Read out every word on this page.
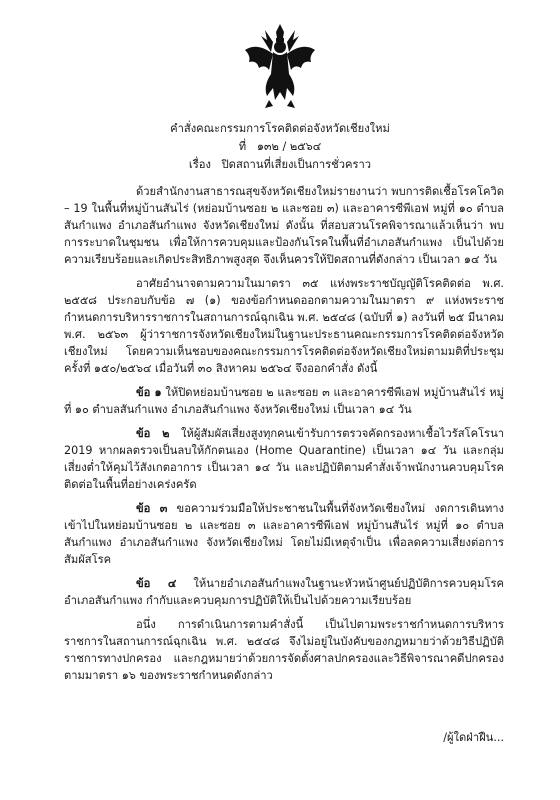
คำสั่งคณะกรรมการโรคติดต่อจังหวัดเชียงใหม่
ที่ ๑๓๒ / ๒๕๖๔
เรื่อง ปิดสถานที่เสี่ยงเป็นการชั่วคราว

ด้วยสำนักงานสาธารณสุขจังหวัดเชียงใหม่รายงานว่า พบการติดเชื้อโรคโควิด – 19 ในพื้นที่หมู่บ้านสันไร่ (หย่อมบ้านซอย ๒ และซอย ๓) และอาคารซีพีเอฟ หมู่ที่ ๑๐ ตำบลสันกำแพง อำเภอสันกำแพง จังหวัดเชียงใหม่ ดังนั้น ที่สอบสวนโรคพิจารณาแล้วเห็นว่า พบการระบาดในชุมชน เพื่อให้การควบคุมและป้องกันโรคในพื้นที่อำเภอสันกำแพง เป็นไปด้วยความเรียบร้อยและเกิดประสิทธิภาพสูงสุด จึงเห็นควรให้ปิดสถานที่ดังกล่าว เป็นเวลา ๑๔ วัน

อาศัยอำนาจตามความในมาตรา ๓๕ แห่งพระราชบัญญัติโรคติดต่อ พ.ศ. ๒๕๕๘ ประกอบกับข้อ ๗ (๑) ของข้อกำหนดออกตามความในมาตรา ๙ แห่งพระราชกำหนดการบริหารราชการในสถานการณ์ฉุกเฉิน พ.ศ. ๒๕๔๘ (ฉบับที่ ๑) ลงวันที่ ๒๕ มีนาคม พ.ศ. ๒๕๖๓ ผู้ว่าราชการจังหวัดเชียงใหม่ในฐานะประธานคณะกรรมการโรคติดต่อจังหวัดเชียงใหม่ โดยความเห็นชอบของคณะกรรมการโรคติดต่อจังหวัดเชียงใหม่ตามมติที่ประชุม ครั้งที่ ๑๕๐/๒๕๖๔ เมื่อวันที่ ๓๐ สิงหาคม ๒๕๖๔ จึงออกคำสั่ง ดังนี้

ข้อ ๑ ให้ปิดหย่อมบ้านซอย ๒ และซอย ๓ และอาคารซีพีเอฟ หมู่บ้านสันไร่ หมู่ที่ ๑๐ ตำบลสันกำแพง อำเภอสันกำแพง จังหวัดเชียงใหม่ เป็นเวลา ๑๔ วัน

ข้อ ๒ ให้ผู้สัมผัสเสี่ยงสูงทุกคนเข้ารับการตรวจคัดกรองหาเชื้อไวรัสโคโรนา 2019 หากผลตรวจเป็นลบให้กักตนเอง (Home Quarantine) เป็นเวลา ๑๔ วัน และกลุ่มเสี่ยงต่ำให้คุมไว้สังเกตอาการ เป็นเวลา ๑๔ วัน และปฏิบัติตามคำสั่งเจ้าพนักงานควบคุมโรคติดต่อในพื้นที่อย่างเคร่งครัด

ข้อ ๓ ขอความร่วมมือให้ประชาชนในพื้นที่จังหวัดเชียงใหม่ งดการเดินทางเข้าไปในหย่อมบ้านซอย ๒ และซอย ๓ และอาคารซีพีเอฟ หมู่บ้านสันไร่ หมู่ที่ ๑๐ ตำบลสันกำแพง อำเภอสันกำแพง จังหวัดเชียงใหม่ โดยไม่มีเหตุจำเป็น เพื่อลดความเสี่ยงต่อการสัมผัสโรค

ข้อ ๔ ให้นายอำเภอสันกำแพงในฐานะหัวหน้าศูนย์ปฏิบัติการควบคุมโรคอำเภอสันกำแพง กำกับและควบคุมการปฏิบัติให้เป็นไปด้วยความเรียบร้อย

อนึ่ง การดำเนินการตามคำสั่งนี้ เป็นไปตามพระราชกำหนดการบริหารราชการในสถานการณ์ฉุกเฉิน พ.ศ. ๒๕๔๘ จึงไม่อยู่ในบังคับของกฎหมายว่าด้วยวิธีปฏิบัติราชการทางปกครอง และกฎหมายว่าด้วยการจัดตั้งศาลปกครองและวิธีพิจารณาคดีปกครอง ตามมาตรา ๑๖ ของพระราชกำหนดดังกล่าว

/ผู้ใดฝ่าฝืน...
